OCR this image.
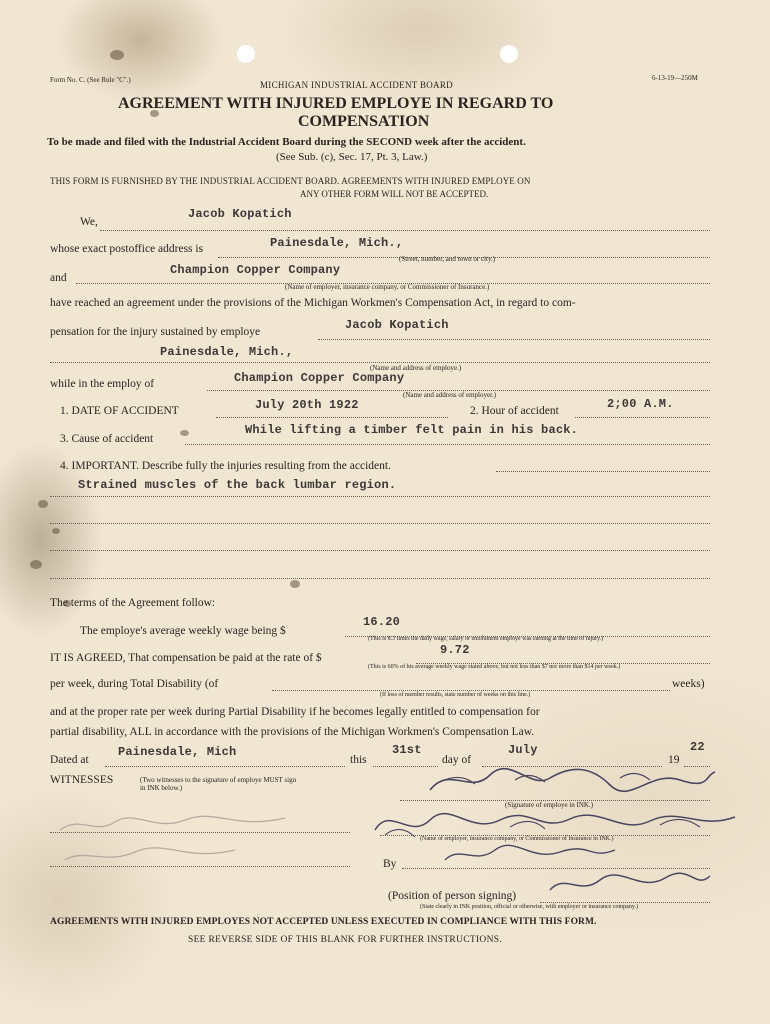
Form No. C. (See Rule "C".)	6-13-19—250M
MICHIGAN INDUSTRIAL ACCIDENT BOARD
AGREEMENT WITH INJURED EMPLOYE IN REGARD TO
COMPENSATION
To be made and filed with the Industrial Accident Board during the SECOND week after the accident.
(See Sub. (c), Sec. 17, Pt. 3, Law.)
THIS FORM IS FURNISHED BY THE INDUSTRIAL ACCIDENT BOARD. AGREEMENTS WITH INJURED EMPLOYE ON
ANY OTHER FORM WILL NOT BE ACCEPTED.
We,
Jacob Kopatich
whose exact postoffice address is	Painesdale, Mich.,
(Street, number, and town or city.)
and
Champion Copper Company
(Name of employer, insurance company, or Commissioner of Insurance.)
have reached an agreement under the provisions of the Michigan Workmen's Compensation Act, in regard to com-
pensation for the injury sustained by employe	Jacob Kopatich
Painesdale, Mich.,
(Name and address of employe.)
while in the employ of	Champion Copper Company
(Name and address of employer.)
1. DATE OF ACCIDENT	July 20th 1922	2. Hour of accident	2;00 A.M.
3. Cause of accident
While lifting a timber felt pain in his back.
4. IMPORTANT. Describe fully the injuries resulting from the accident.
Strained muscles of the back lumbar region.
The terms of the Agreement follow:
The employe's average weekly wage being $
16.20
(This is 8.3 times the daily wage, salary or emolument employe was earning at the time of injury.)
IT IS AGREED, That compensation be paid at the rate of $
9.72
(This is 60% of his average weekly wage stated above, but not less than $7 nor more than $14 per week.)
per week, during Total Disability (of	weeks)
(If loss of member results, state number of weeks on this line.)
and at the proper rate per week during Partial Disability if he becomes legally entitled to compensation for
partial disability, ALL in accordance with the provisions of the Michigan Workmen's Compensation Law.
Dated at
Painesdale, Mich
this
31st
day of
July
19
22
WITNESSES	(Two witnesses to the signature of employe MUST sign in INK below.)
(Signature of employe in INK.)
(Name of employer, insurance company, or Commissioner of Insurance in INK.)
By
(Position of person signing)
(State clearly in INK position, official or otherwise, with employer or insurance company.)
AGREEMENTS WITH INJURED EMPLOYES NOT ACCEPTED UNLESS EXECUTED IN COMPLIANCE WITH THIS FORM.
SEE REVERSE SIDE OF THIS BLANK FOR FURTHER INSTRUCTIONS.
